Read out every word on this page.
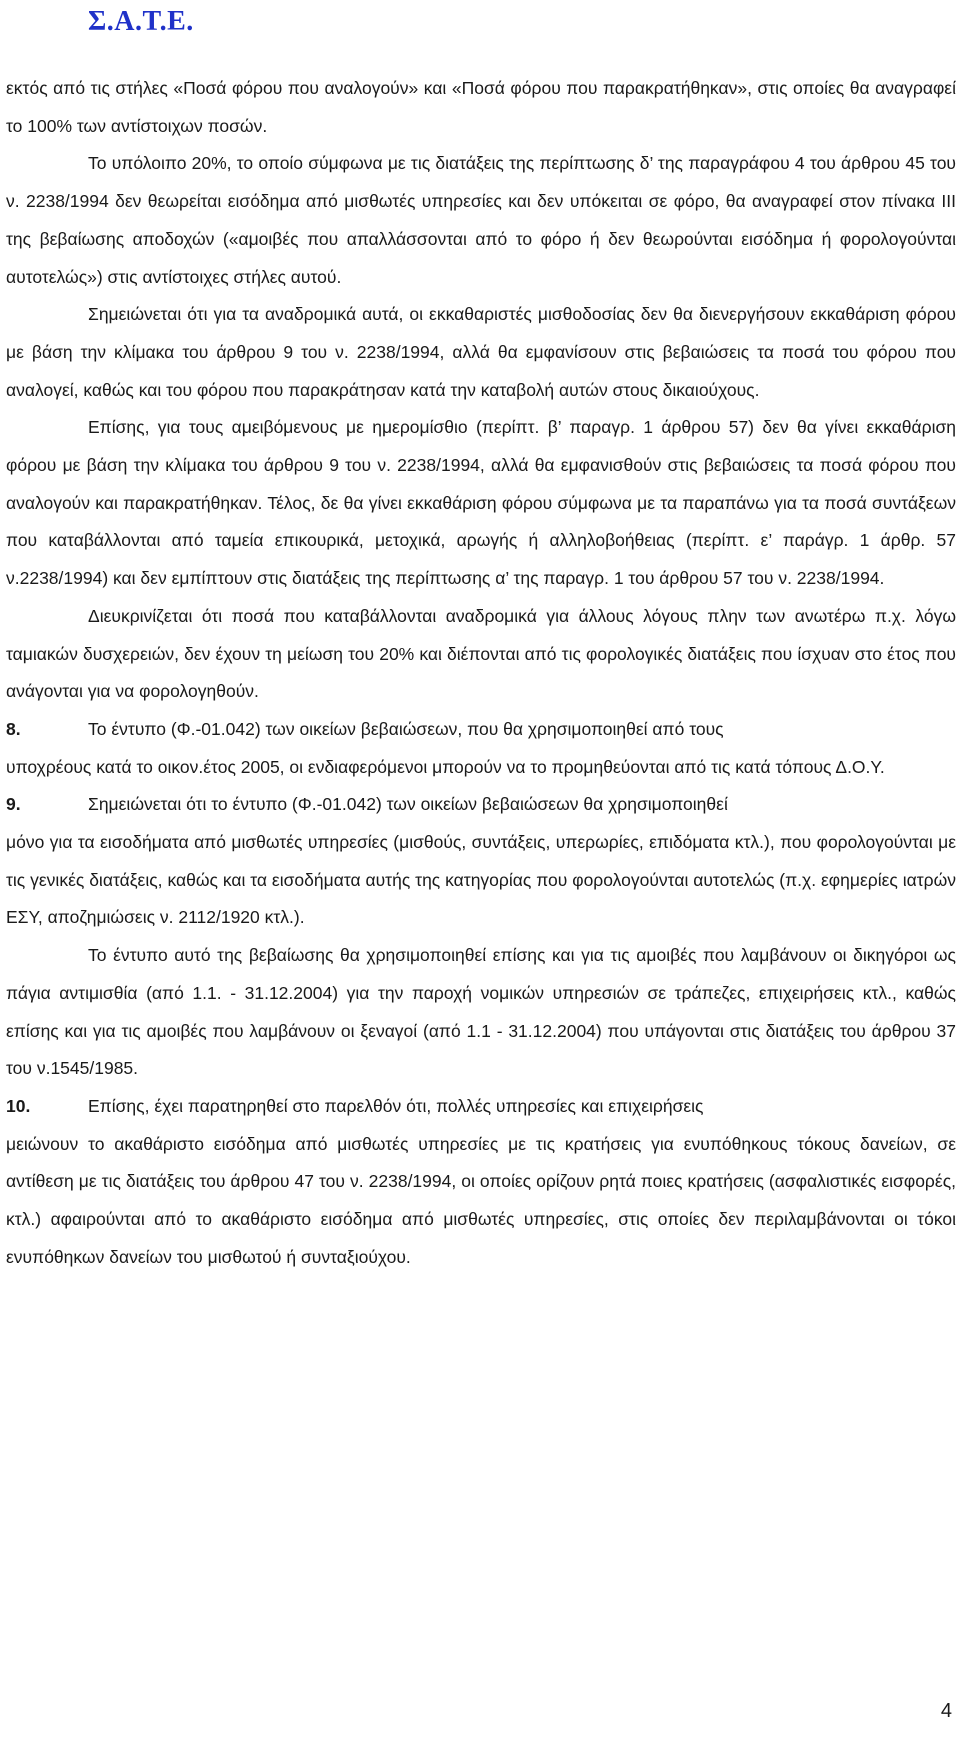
Σ.Α.Τ.Ε.

εκτός από τις στήλες «Ποσά φόρου που αναλογούν» και «Ποσά φόρου που παρακρατήθηκαν», στις οποίες θα αναγραφεί το 100% των αντίστοιχων ποσών.

Το υπόλοιπο 20%, το οποίο σύμφωνα με τις διατάξεις της περίπτωσης δ’ της παραγράφου 4 του άρθρου 45 του ν. 2238/1994 δεν θεωρείται εισόδημα από μισθωτές υπηρεσίες και δεν υπόκειται σε φόρο, θα αναγραφεί στον πίνακα ΙΙΙ της βεβαίωσης αποδοχών («αμοιβές που απαλλάσσονται από το φόρο ή δεν θεωρούνται εισόδημα ή φορολογούνται αυτοτελώς») στις αντίστοιχες στήλες αυτού.

Σημειώνεται ότι για τα αναδρομικά αυτά, οι εκκαθαριστές μισθοδοσίας δεν θα διενεργήσουν εκκαθάριση φόρου με βάση την κλίμακα του άρθρου 9 του ν. 2238/1994, αλλά θα εμφανίσουν στις βεβαιώσεις τα ποσά του φόρου που αναλογεί, καθώς και του φόρου που παρακράτησαν κατά την καταβολή αυτών στους δικαιούχους.

Επίσης, για τους αμειβόμενους με ημερομίσθιο (περίπτ. β’ παραγρ. 1 άρθρου 57) δεν θα γίνει εκκαθάριση φόρου με βάση την κλίμακα του άρθρου 9 του ν. 2238/1994, αλλά θα εμφανισθούν στις βεβαιώσεις τα ποσά φόρου που αναλογούν και παρακρατήθηκαν. Τέλος, δε θα γίνει εκκαθάριση φόρου σύμφωνα με τα παραπάνω για τα ποσά συντάξεων που καταβάλλονται από ταμεία επικουρικά, μετοχικά, αρωγής ή αλληλοβοήθειας (περίπτ. ε’ παράγρ. 1 άρθρ. 57 ν.2238/1994) και δεν εμπίπτουν στις διατάξεις της περίπτωσης α’ της παραγρ. 1 του άρθρου 57 του ν. 2238/1994.

Διευκρινίζεται ότι ποσά που καταβάλλονται αναδρομικά για άλλους λόγους πλην των ανωτέρω π.χ. λόγω ταμιακών δυσχερειών, δεν έχουν τη μείωση του 20% και διέπονται από τις φορολογικές διατάξεις που ίσχυαν στο έτος που ανάγονται για να φορολογηθούν.

8.	Το έντυπο (Φ.-01.042) των οικείων βεβαιώσεων, που θα χρησιμοποιηθεί από τους

υποχρέους κατά το οικον.έτος 2005, οι ενδιαφερόμενοι μπορούν να το προμηθεύονται από τις κατά τόπους Δ.Ο.Υ.

9.	Σημειώνεται ότι το έντυπο (Φ.-01.042) των οικείων βεβαιώσεων θα χρησιμοποιηθεί

μόνο για τα εισοδήματα από μισθωτές υπηρεσίες (μισθούς, συντάξεις, υπερωρίες, επιδόματα κτλ.), που φορολογούνται με τις γενικές διατάξεις, καθώς και τα εισοδήματα αυτής της κατηγορίας που φορολογούνται αυτοτελώς (π.χ. εφημερίες ιατρών ΕΣΥ, αποζημιώσεις ν. 2112/1920 κτλ.).

Το έντυπο αυτό της βεβαίωσης θα χρησιμοποιηθεί επίσης και για τις αμοιβές που λαμβάνουν οι δικηγόροι ως πάγια αντιμισθία (από 1.1. - 31.12.2004) για την παροχή νομικών υπηρεσιών σε τράπεζες, επιχειρήσεις κτλ., καθώς επίσης και για τις αμοιβές που λαμβάνουν οι ξεναγοί (από 1.1 - 31.12.2004) που υπάγονται στις διατάξεις του άρθρου 37 του ν.1545/1985.

10.	Επίσης, έχει παρατηρηθεί στο παρελθόν ότι, πολλές υπηρεσίες και επιχειρήσεις

μειώνουν το ακαθάριστο εισόδημα από μισθωτές υπηρεσίες με τις κρατήσεις για ενυπόθηκους τόκους δανείων, σε αντίθεση με τις διατάξεις του άρθρου 47 του ν. 2238/1994, οι οποίες ορίζουν ρητά ποιες κρατήσεις (ασφαλιστικές εισφορές, κτλ.) αφαιρούνται από το ακαθάριστο εισόδημα από μισθωτές υπηρεσίες, στις οποίες δεν περιλαμβάνονται οι τόκοι ενυπόθηκων δανείων του μισθωτού ή συνταξιούχου.

4
